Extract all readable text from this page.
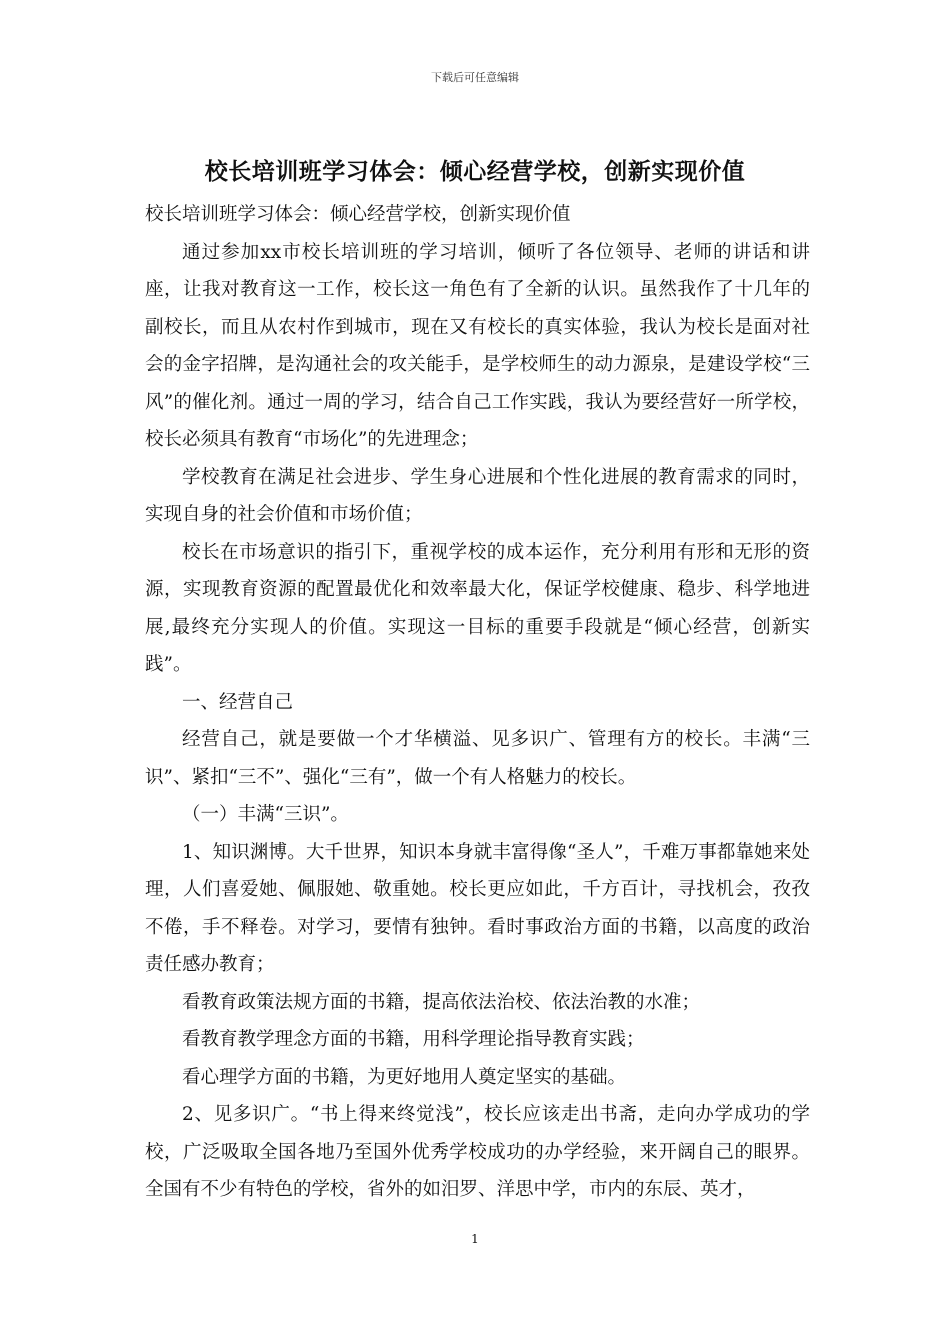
下载后可任意编辑
校长培训班学习体会：倾心经营学校，创新实现价值

校长培训班学习体会：倾心经营学校，创新实现价值

通过参加xx市校长培训班的学习培训，倾听了各位领导、老师的讲话和讲座，让我对教育这一工作，校长这一角色有了全新的认识。虽然我作了十几年的副校长，而且从农村作到城市，现在又有校长的真实体验，我认为校长是面对社会的金字招牌，是沟通社会的攻关能手，是学校师生的动力源泉，是建设学校“三风”的催化剂。通过一周的学习，结合自己工作实践，我认为要经营好一所学校，校长必须具有教育“市场化”的先进理念；

学校教育在满足社会进步、学生身心进展和个性化进展的教育需求的同时，实现自身的社会价值和市场价值；

校长在市场意识的指引下，重视学校的成本运作，充分利用有形和无形的资源，实现教育资源的配置最优化和效率最大化，保证学校健康、稳步、科学地进展,最终充分实现人的价值。实现这一目标的重要手段就是“倾心经营，创新实践”。

一、经营自己

经营自己，就是要做一个才华横溢、见多识广、管理有方的校长。丰满“三识”、紧扣“三不”、强化“三有”，做一个有人格魅力的校长。

（一）丰满“三识”。

1、知识渊博。大千世界，知识本身就丰富得像“圣人”，千难万事都靠她来处理，人们喜爱她、佩服她、敬重她。校长更应如此，千方百计，寻找机会，孜孜不倦，手不释卷。对学习，要情有独钟。看时事政治方面的书籍，以高度的政治责任感办教育；

看教育政策法规方面的书籍，提高依法治校、依法治教的水准；

看教育教学理念方面的书籍，用科学理论指导教育实践；

看心理学方面的书籍，为更好地用人奠定坚实的基础。

2、见多识广。“书上得来终觉浅”，校长应该走出书斋，走向办学成功的学校，广泛吸取全国各地乃至国外优秀学校成功的办学经验，来开阔自己的眼界。全国有不少有特色的学校，省外的如汨罗、洋思中学，市内的东辰、英才，

1
